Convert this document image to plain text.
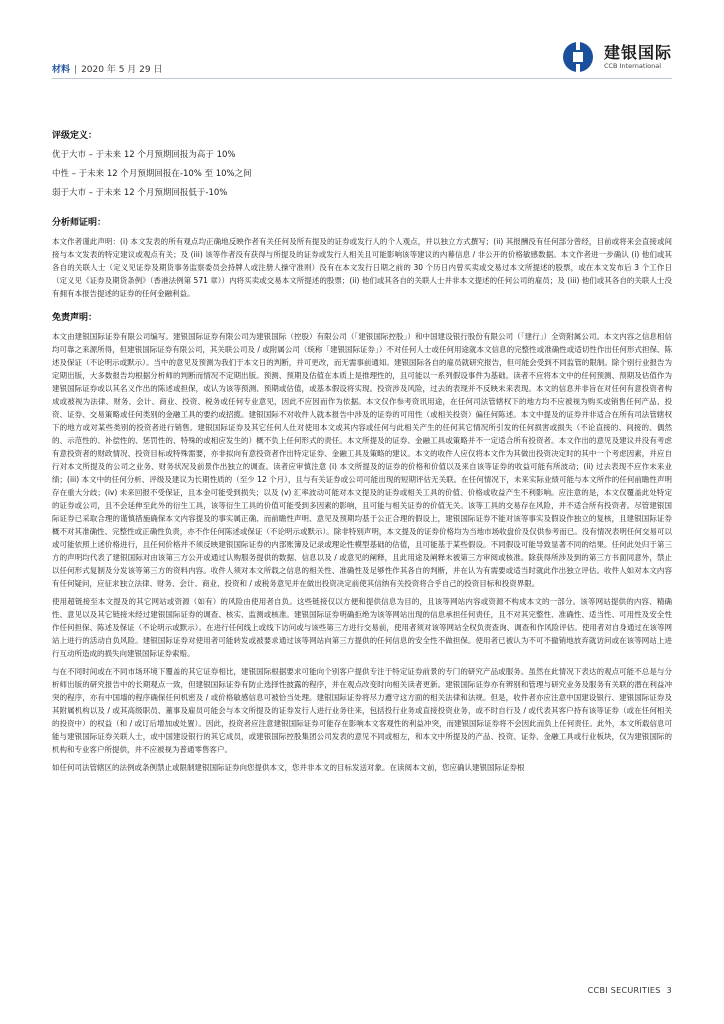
材料 | 2020 年 5 月 29 日
建银国际
CCB International
评级定义：
优于大市 – 于未来 12 个月预期回报为高于 10%
中性 – 于未来 12 个月预期回报在-10% 至 10%之间
弱于大市 – 于未来 12 个月预期回报低于-10%
分析师证明：
本文作者谨此声明：(i) 本文发表的所有观点均正确地反映作者有关任何及所有提及的证券或发行人的个人观点，并以独立方式撰写；(ii) 其报酬没有任何部分曾经，目前或将来会直接或间接与本文发表的特定建议或观点有关；及 (iii) 该等作者没有获得与所提及的证券或发行人相关且可能影响该等建议的内幕信息 / 非公开的价格敏感数据。本文作者进一步确认 (i) 他们或其各自的关联人士（定义见证券及期货事务监察委员会持牌人或注册人操守准则）没有在本文发行日期之前的 30 个历日内曾买卖或交易过本文所提述的股票，或在本文发布后 3 个工作日（定义见《证券及期货条例》（香港法例第 571 章））内将买卖或交易本文所提述的股票；(ii) 他们或其各自的关联人士并非本文提述的任何公司的雇员；及 (iii) 他们或其各自的关联人士没有拥有本报告提述的证券的任何金融利益。
免责声明：
本文由建银国际证券有限公司编写。建银国际证券有限公司为建银国际（控股）有限公司（「建银国际控股」）和中国建设银行股份有限公司（「建行」）全资附属公司。本文内容之信息相信均可靠之来源所得，但建银国际证券有限公司，其关联公司及 / 或附属公司（统称「建银国际证券」）不对任何人士或任何用途就本文信息的完整性或准确性或适切性作出任何形式担保、陈述及保证（不论明示或默示）。当中的意见及预测为我们于本文日的判断，并可更改，而无需事前通知。建银国际各自的雇员就研究报告，但可能会受到不同监管的限制。除个别行业报告为定期出版，大多数报告均根据分析师的判断而情况不定期出版。预测、预期及估值在本质上是推理性的，且可能以一系列假设事件为基础。读者不应将本文中的任何预测、预期及估值作为建银国际证券或以其名义作出的陈述或担保，或认为该等预测、预期或估值，或基本假设将实现。投资涉及风险，过去的表现并不反映未来表现。本文的信息并非旨在对任何有意投资者构成或被视为法律、财务、会计、商业、投资、税务或任何专业意见，因此不应因而作为依据。本文仅作参考资讯用途，在任何司法管辖权下的地方均不应被视为购买或销售任何产品、投资、证券、交易策略或任何类别的金融工具的要约或招揽。建银国际不对收件人就本报告中涉及的证券的可用性（或相关投资）偏任何陈述。本文中提及的证券并非适合在所有司法管辖权下的地方或对某些类别的投资者进行销售。建银国际证券及其它任何人仕对使用本文或其内容或任何与此相关产生的任何其它情况所引发的任何损害或损失（不论直接的、间接的、偶然的、示范性的、补偿性的、惩罚性的、特殊的或相应发生的）概不负上任何形式的责任。本文所提及的证券、金融工具或策略并不一定适合所有投资者。本文作出的意见及建议并没有考虑有意投资者的财政情况、投资目标或特殊需要，亦非拟向有意投资者作出特定证券、金融工具及策略的建议。本文的收件人应仅将本文作为其做出投资决定时的其中一个考虑因素，并应自行对本文所提及的公司之业务、财务状况及前景作出独立的调查。读者应审慎注意 (i) 本文所提及的证券的价格和价值以及来自该等证券的收益可能有所波动；(ii) 过去表现不应作未来业绩；(iii) 本文中的任何分析、评级及建议为长期性质的（至少 12 个月），且与有关证券或公司可能出现的短期评估无关联。在任何情况下，未来实际业绩可能与本文所作的任何前瞻性声明存在重大分歧；(iv) 未来回报不受保证，且本金可能受到损失；以及 (v) 汇率波动可能对本文提及的证券或相关工具的价值、价格或收益产生不利影响。应注意的是，本文仅覆盖此处特定的证券或公司，且不会延伸至此外的衍生工具，该等衍生工具的价值可能受到多因素的影响，且可能与相关证券的价值无关。该等工具的交易存在风险，并不适合所有投资者。尽管建银国际证券已采取合理的谨慎措施确保本文内容提及的事实属正确、而前瞻性声明、意见及预期均基于公正合理的假设上，建银国际证券不能对该等事实及假设作独立的复核，且建银国际证券概不对其准确性、完整性或正确性负责，亦不作任何陈述或保证（不论明示或默示）。除非特别声明，本文提及的证券价格均为当地市场收盘价及仅供参考而已。没有情况表明任何交易可以或可能依照上述价格进行，且任何价格并不须反映建银国际证券的内部账簿及记录或理论性模型基础的估值，且可能基于某些假设。不同假设可能导致显著不同的结果。任何此处归于第三方的声明均代表了建银国际对由该第三方公开或通过认购服务提供的数据、信息以及 / 或意见的阐释，且此用途及阐释未被第三方审阅或核准。除获得所涉及到的第三方书面同意外，禁止以任何形式复制及分发该等第三方的资料内容。收件人须对本文所载之信息的相关性、准确性及足够性作其各自的判断，并在认为有需要或适当时就此作出独立评估。收件人如对本文内容有任何疑问，应征求独立法律、财务、会计、商业、投资和 / 或税务意见并在做出投资决定前使其信纳有关投资将合乎自己的投资目标和投资界限。
使用超链接至本文提及的其它网站或资源（如有）的风险由使用者自负。这些链接仅以方便和提供信息为目的，且该等网站内容或资源不构成本文的一部分。该等网站提供的内容、精确性、意见以及其它链接未经过建银国际证券的调查、核实、监测或核准。建银国际证券明确拒绝为该等网站出现的信息承担任何责任，且不对其完整性、准确性、适当性、可用性及安全性作任何担保、陈述及保证（不论明示或默示）。在进行任何线上或线下访问或与该些第三方进行交易前，使用者须对该等网站全权负责查询、调查和作风险评估。使用者对自身通过在该等网站上进行的活动自负风险。建银国际证券对使用者可能转发或被要求通过该等网站向第三方提供的任何信息的安全性不做担保。使用者已被认为不可不撤销地放弃就访问或在该等网站上进行互动所造成的损失向建银国际证券索赔。
与在不同时间或在不同市场环境下覆盖的其它证券相比，建银国际根据要求可能向个别客户提供专注于特定证券前景的专门的研究产品或服务。虽然在此情况下表达的观点可能不总是与分析师出版的研究报告中的长期观点一致，但建银国际证券有防止选择性披露的程序，并在观点改变时向相关读者更新。建银国际证券亦有辨别和管理与研究业务及服务有关联的潜在利益冲突的程序，亦有中国墙的程序确保任何机密及 / 或价格敏感信息可被恰当处理。建银国际证券将尽力遵守这方面的相关法律和法规。但是，收件者亦应注意中国建设银行、建银国际证券及其附属机构以及 / 或其高级职员、董事及雇员可能会与本文所提及的证券发行人进行业务往来，包括投行业务或直接投资业务，或不时自行及 / 或代表其客户持有该等证券（或在任何相关的投资中）的权益（和 / 或订后增加或处置）。因此，投资者应注意建银国际证券可能存在影响本文客观性的利益冲突，而建银国际证券将不会因此而负上任何责任。此外，本文所载信息可能与建银国际证券关联人士，或中国建设银行的其它成员，或建银国际控股集团公司发表的意见不同或相左，和本文中所提及的产品、投资、证券、金融工具或行业板块，仅为建银国际的机构和专业客户所提供，并不应被视为普通零售客户。
如任何司法管辖区的法例或条例禁止或限制建银国际证券向您提供本文，您并非本文的目标发送对象。在读阅本文前，您应确认建银国际证券根
CCBI SECURITIES 3
